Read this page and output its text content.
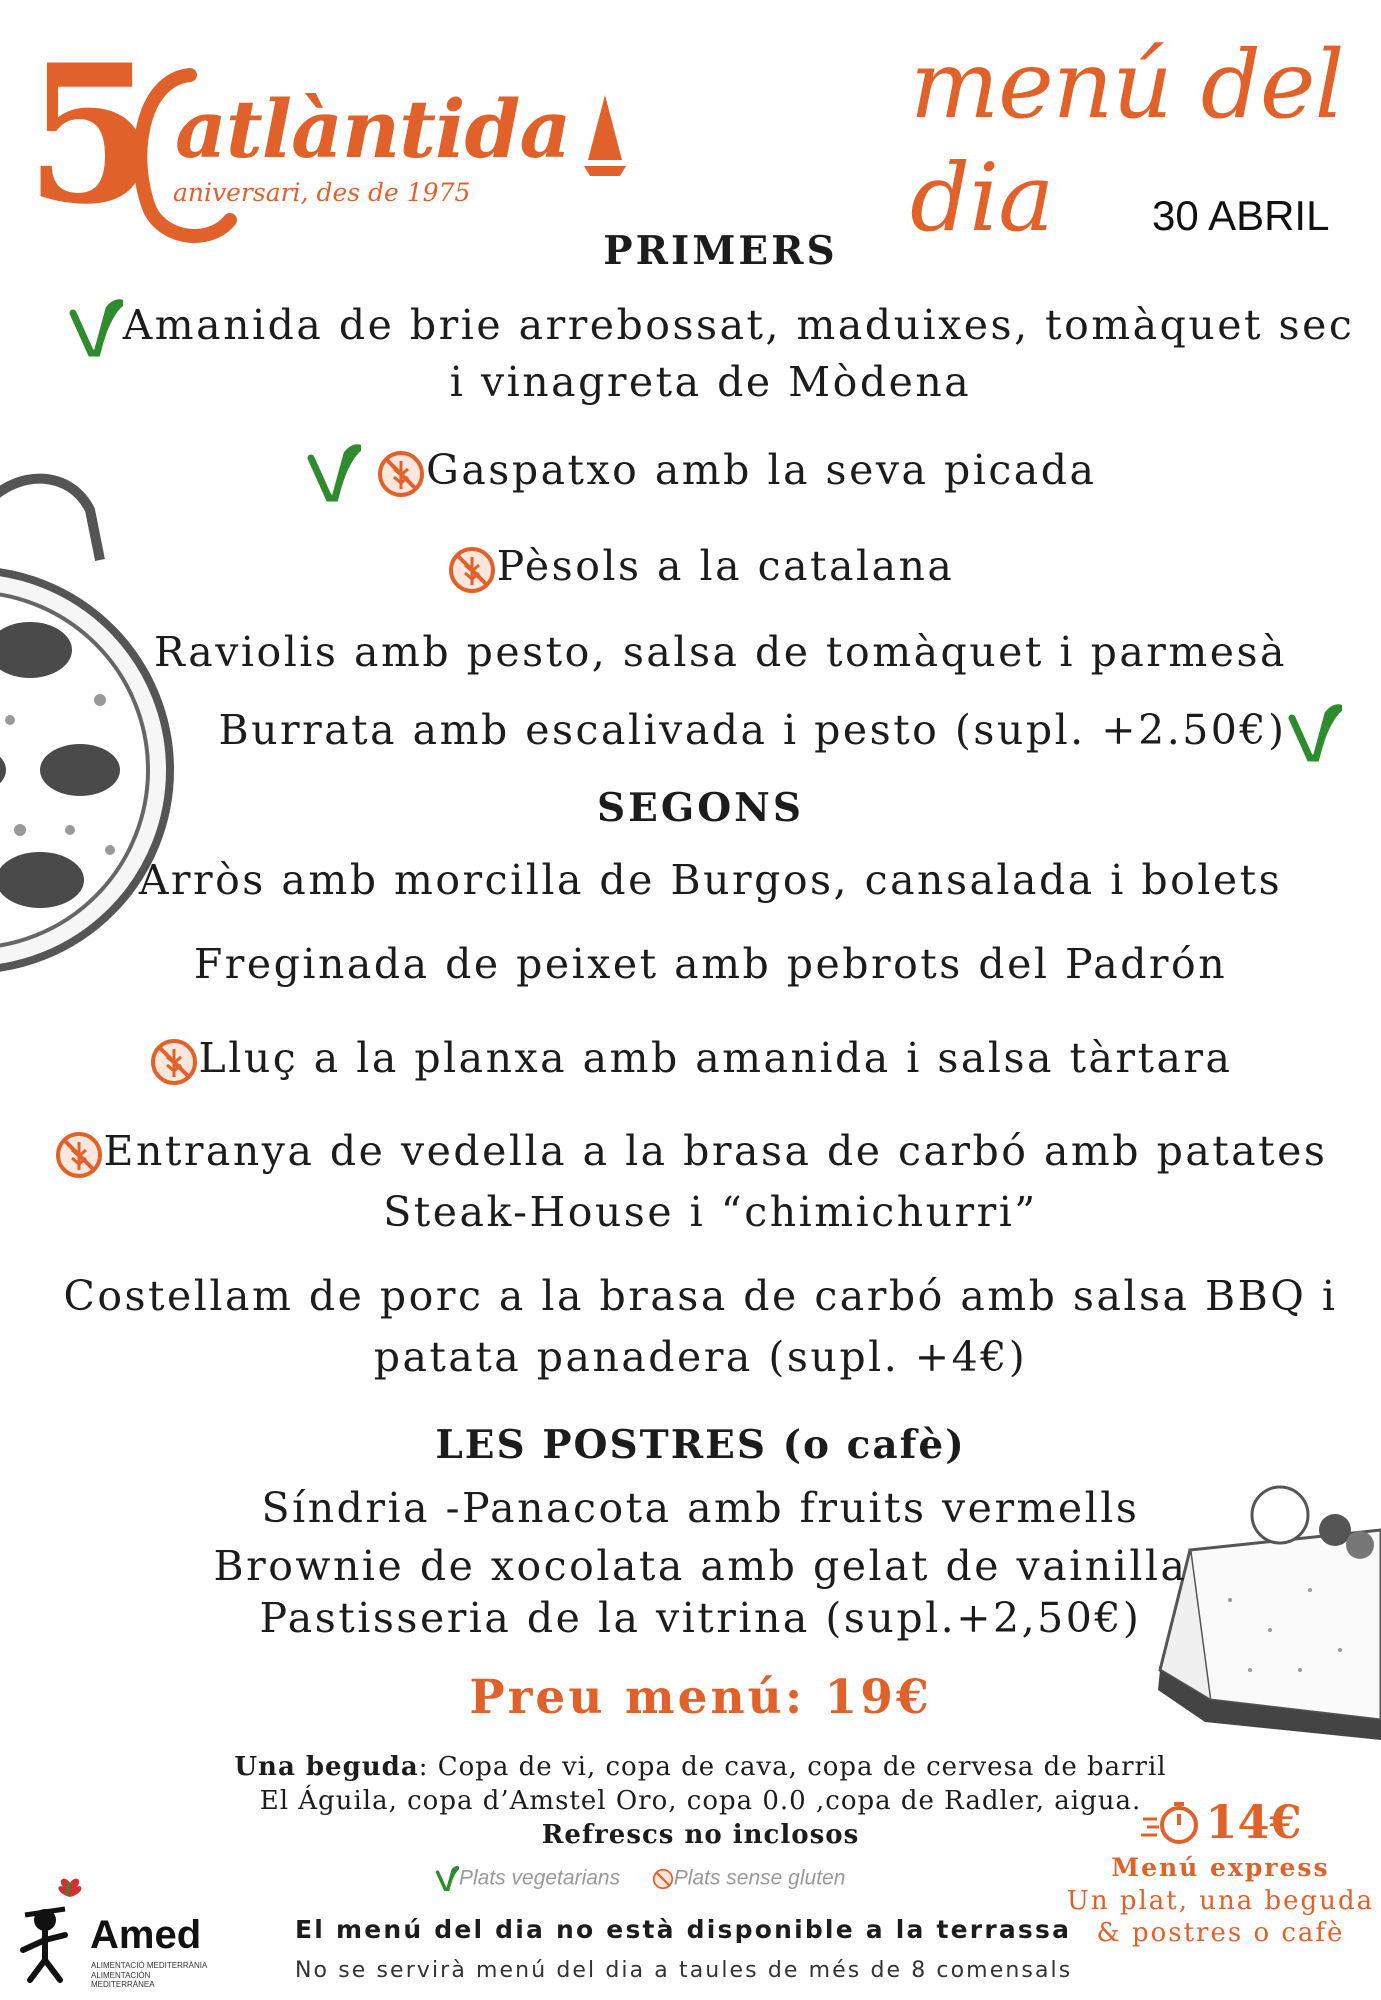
5 atlàntida
aniversari, des de 1975
menú del dia	30 ABRIL
PRIMERS
Amanida de brie arrebossat, maduixes, tomàquet sec
i vinagreta de Mòdena
Gaspatxo amb la seva picada
Pèsols a la catalana
Raviolis amb pesto, salsa de tomàquet i parmesà
Burrata amb escalivada i pesto (supl. +2.50€)
SEGONS
Arròs amb morcilla de Burgos, cansalada i bolets
Freginada de peixet amb pebrots del Padrón
Lluç a la planxa amb amanida i salsa tàrtara
Entranya de vedella a la brasa de carbó amb patates
Steak-House i “chimichurri”
Costellam de porc a la brasa de carbó amb salsa BBQ i
patata panadera (supl. +4€)
LES POSTRES (o cafè)
Síndria -Panacota amb fruits vermells
Brownie de xocolata amb gelat de vainilla
Pastisseria de la vitrina (supl.+2,50€)
Preu menú: 19€
Una beguda: Copa de vi, copa de cava, copa de cervesa de barril
El Águila, copa d’Amstel Oro, copa 0.0 ,copa de Radler, aigua.
Refrescs no inclosos
Plats vegetarians	Plats sense gluten
El menú del dia no està disponible a la terrassa
No se servirà menú del dia a taules de més de 8 comensals
14€
Menú express
Un plat, una beguda
& postres o cafè
Amed
ALIMENTACIÓ MEDITERRÀNIA
ALIMENTACIÓN MEDITERRÁNEA
